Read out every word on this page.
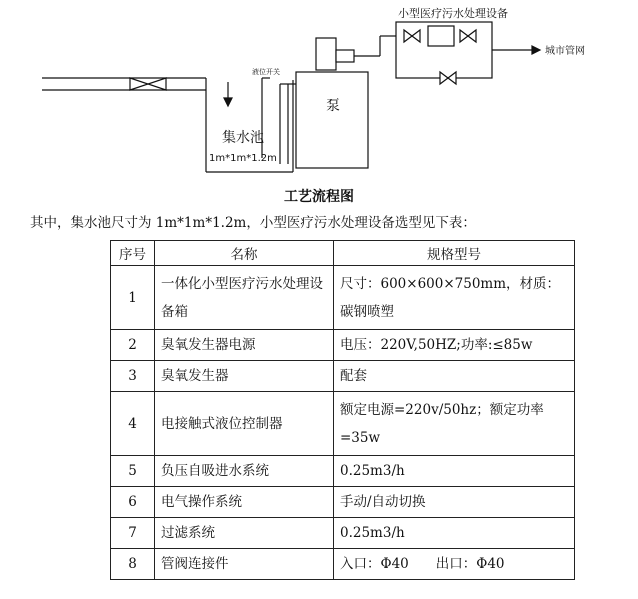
小型医疗污水处理设备
城市管网
液位开关
集水池
1m*1m*1.2m
泵
工艺流程图
其中，集水池尺寸为 1m*1m*1.2m，小型医疗污水处理设备选型见下表：
序号	名称	规格型号
1	一体化小型医疗污水处理设备箱	尺寸：600×600×750mm，材质：碳钢喷塑
2	臭氧发生器电源	电压：220V,50HZ;功率:≤85w
3	臭氧发生器	配套
4	电接触式液位控制器	额定电源=220v/50hz；额定功率=35w
5	负压自吸进水系统	0.25m3/h
6	电气操作系统	手动/自动切换
7	过滤系统	0.25m3/h
8	管阀连接件	入口：Φ40　　出口：Φ40
